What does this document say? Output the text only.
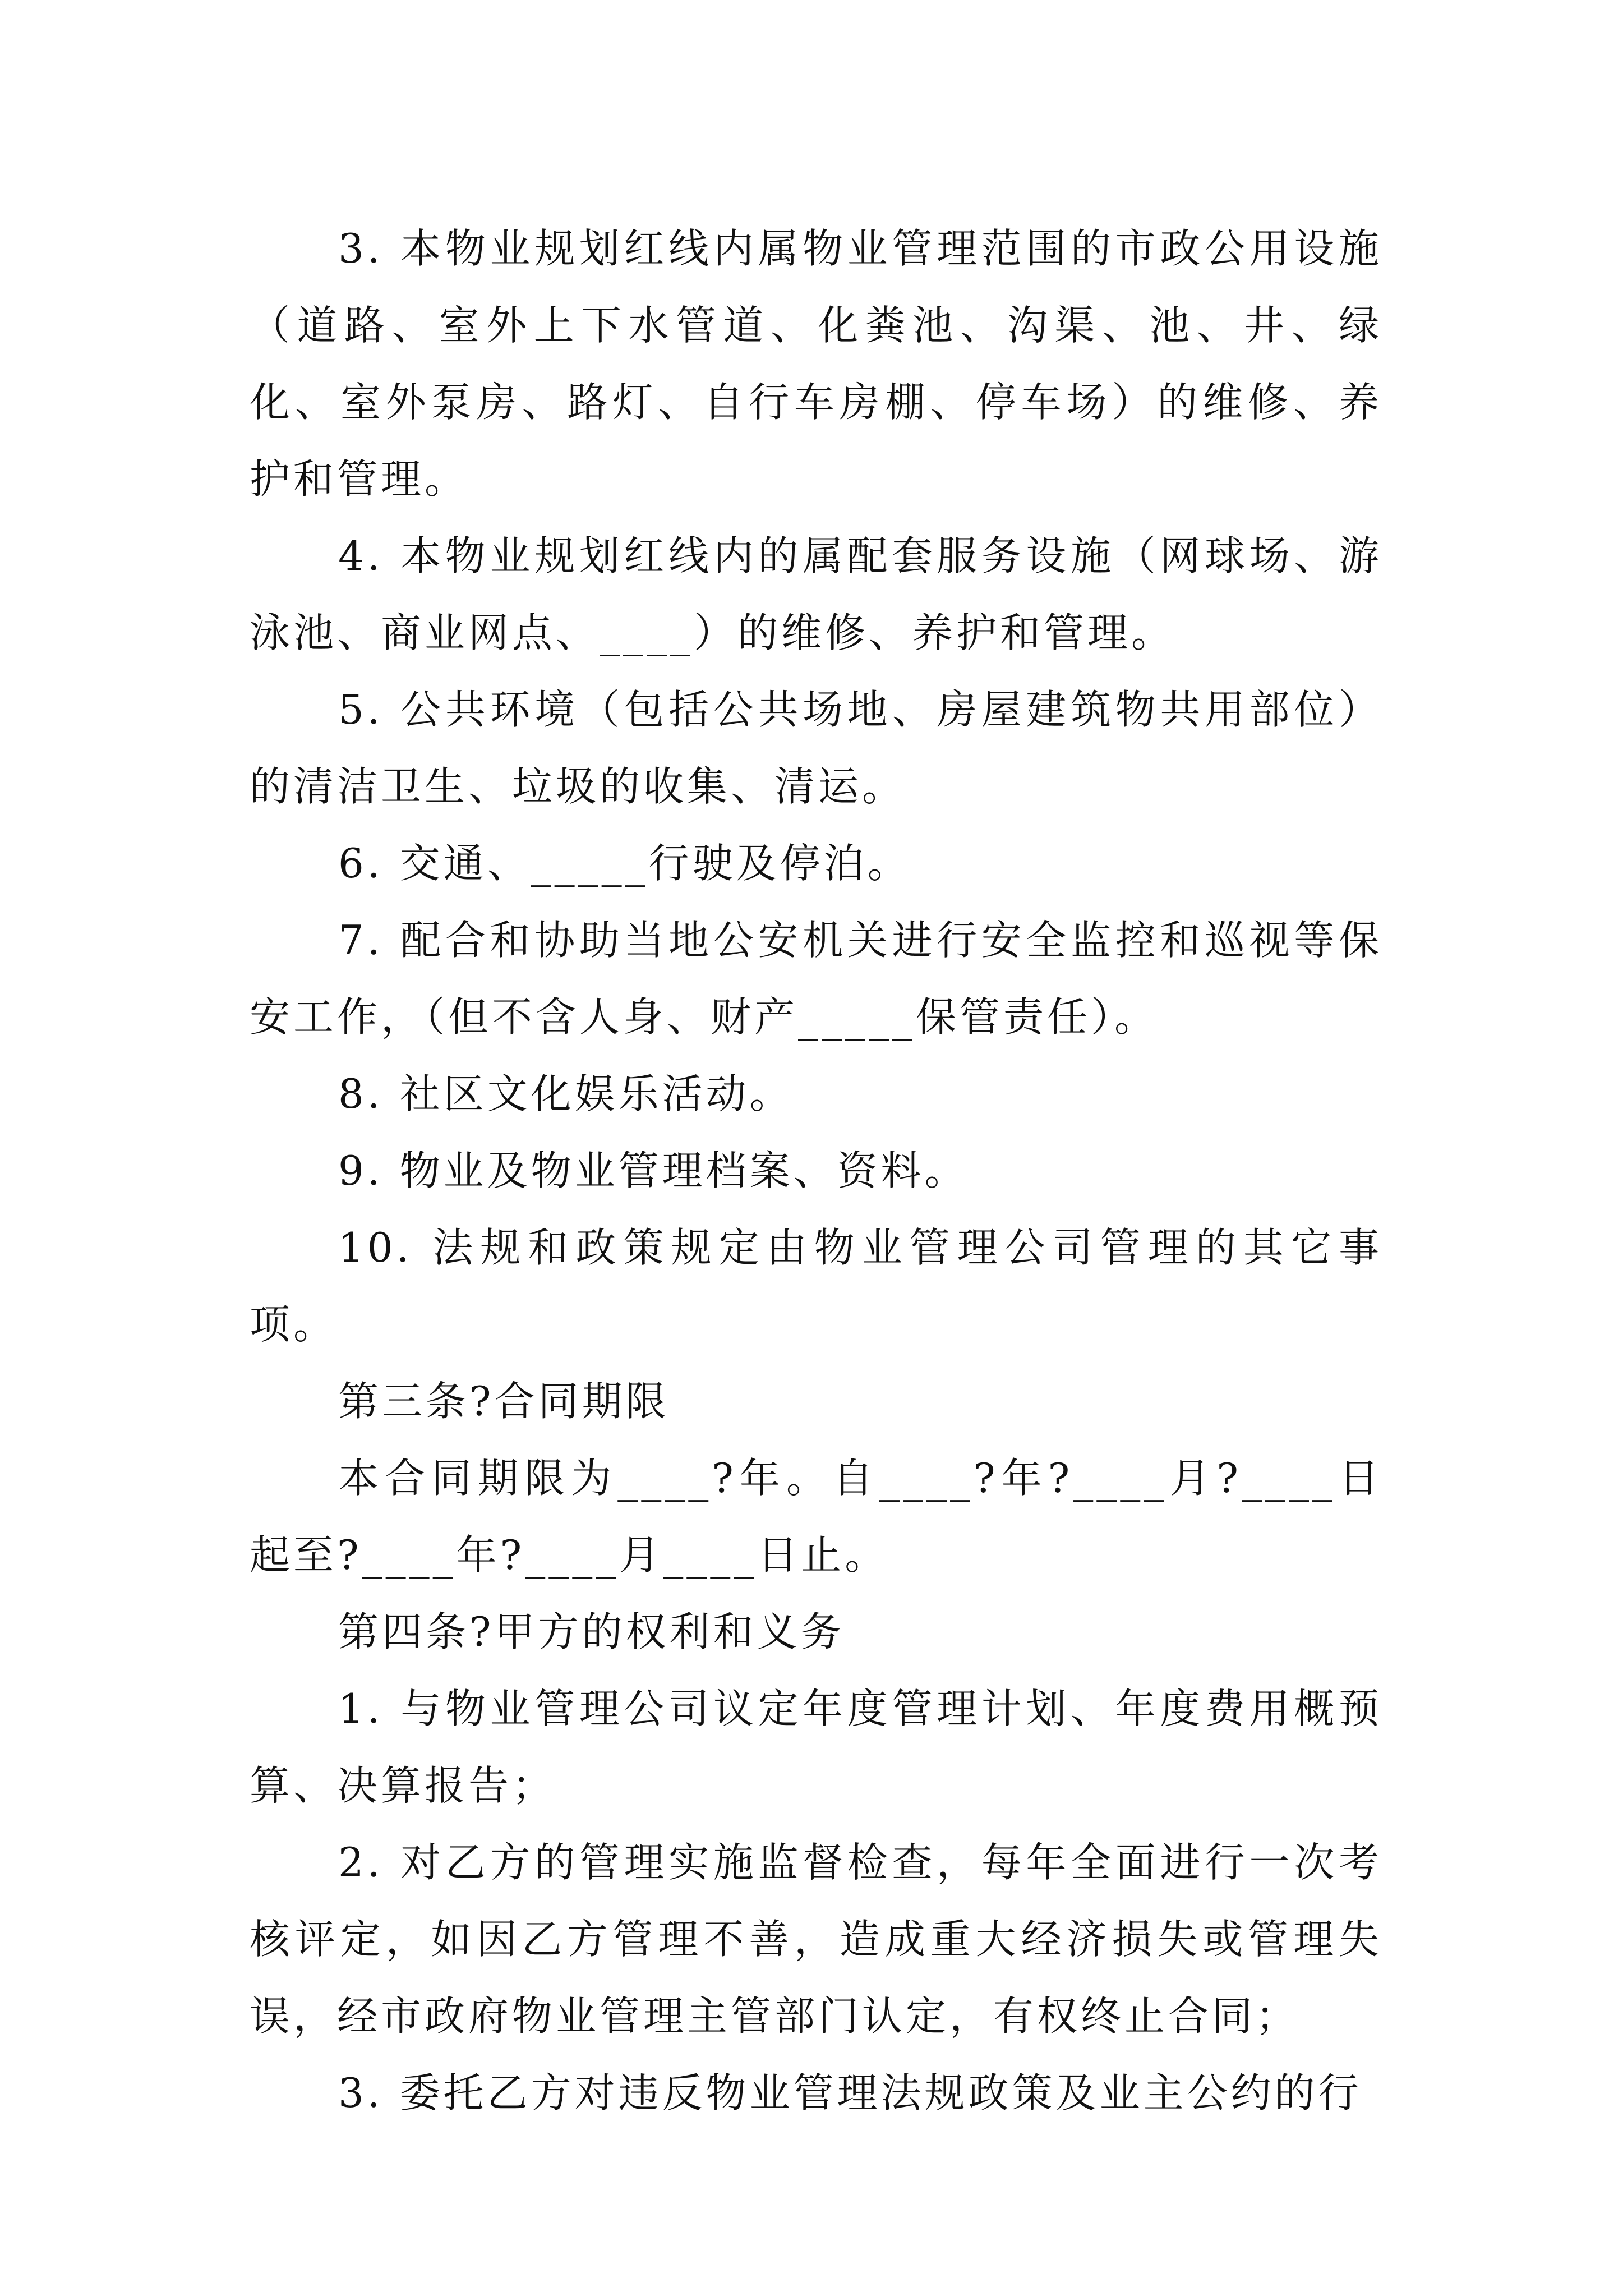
3. 本物业规划红线内属物业管理范围的市政公用设施（道路、室外上下水管道、化粪池、沟渠、池、井、绿化、室外泵房、路灯、自行车房棚、停车场）的维修、养护和管理。

4. 本物业规划红线内的属配套服务设施（网球场、游泳池、商业网点、____）的维修、养护和管理。

5. 公共环境（包括公共场地、房屋建筑物共用部位）的清洁卫生、垃圾的收集、清运。

6. 交通、_____行驶及停泊。

7. 配合和协助当地公安机关进行安全监控和巡视等保安工作，（但不含人身、财产_____保管责任）。

8. 社区文化娱乐活动。

9. 物业及物业管理档案、资料。

10. 法规和政策规定由物业管理公司管理的其它事项。

第三条?合同期限

本合同期限为____?年。自____?年?____月?____日起至?____年?____月____日止。

第四条?甲方的权利和义务

1. 与物业管理公司议定年度管理计划、年度费用概预算、决算报告；

2. 对乙方的管理实施监督检查，每年全面进行一次考核评定，如因乙方管理不善，造成重大经济损失或管理失误，经市政府物业管理主管部门认定，有权终止合同；

3. 委托乙方对违反物业管理法规政策及业主公约的行
